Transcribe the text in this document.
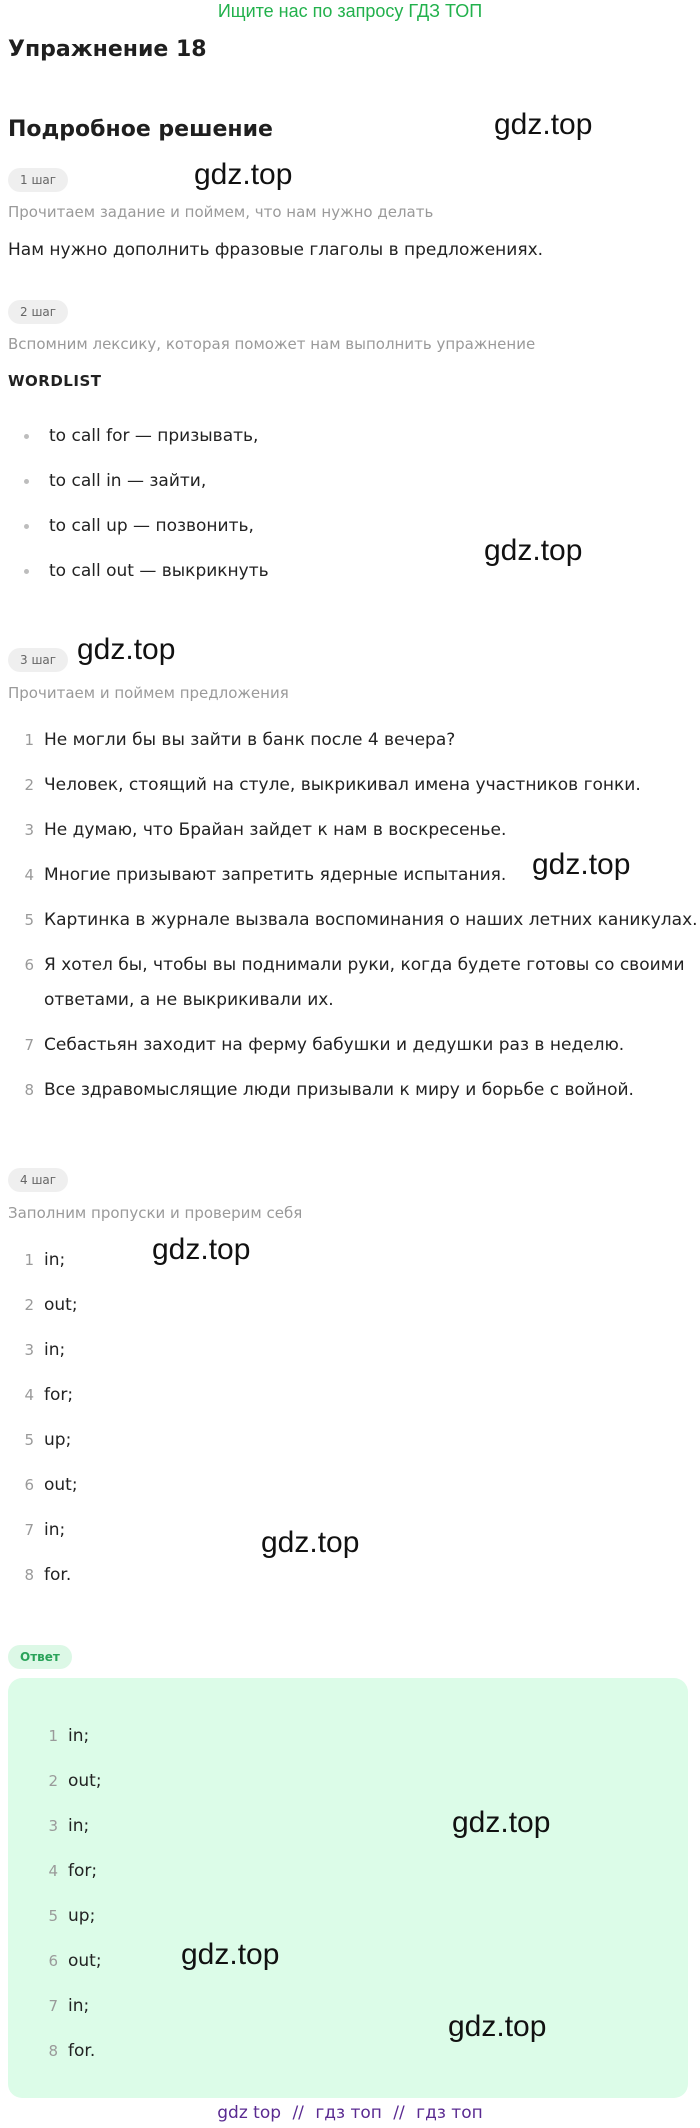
Ищите нас по запросу ГДЗ ТОП
Упражнение 18
Подробное решение
1 шаг
Прочитаем задание и поймем, что нам нужно делать
Нам нужно дополнить фразовые глаголы в предложениях.
2 шаг
Вспомним лексику, которая поможет нам выполнить упражнение
WORDLIST
to call for — призывать,
to call in — зайти,
to call up — позвонить,
to call out — выкрикнуть
3 шаг
Прочитаем и поймем предложения
1 Не могли бы вы зайти в банк после 4 вечера?
2 Человек, стоящий на стуле, выкрикивал имена участников гонки.
3 Не думаю, что Брайан зайдет к нам в воскресенье.
4 Многие призывают запретить ядерные испытания.
5 Картинка в журнале вызвала воспоминания о наших летних каникулах.
6 Я хотел бы, чтобы вы поднимали руки, когда будете готовы со своими
ответами, а не выкрикивали их.
7 Себастьян заходит на ферму бабушки и дедушки раз в неделю.
8 Все здравомыслящие люди призывали к миру и борьбе с войной.
4 шаг
Заполним пропуски и проверим себя
1 in;
2 out;
3 in;
4 for;
5 up;
6 out;
7 in;
8 for.
Ответ
1 in;
2 out;
3 in;
4 for;
5 up;
6 out;
7 in;
8 for.
gdz.top
gdz.top
gdz.top
gdz.top
gdz.top
gdz.top
gdz.top
gdz.top
gdz.top
gdz.top
gdz top // гдз топ // гдз топ
